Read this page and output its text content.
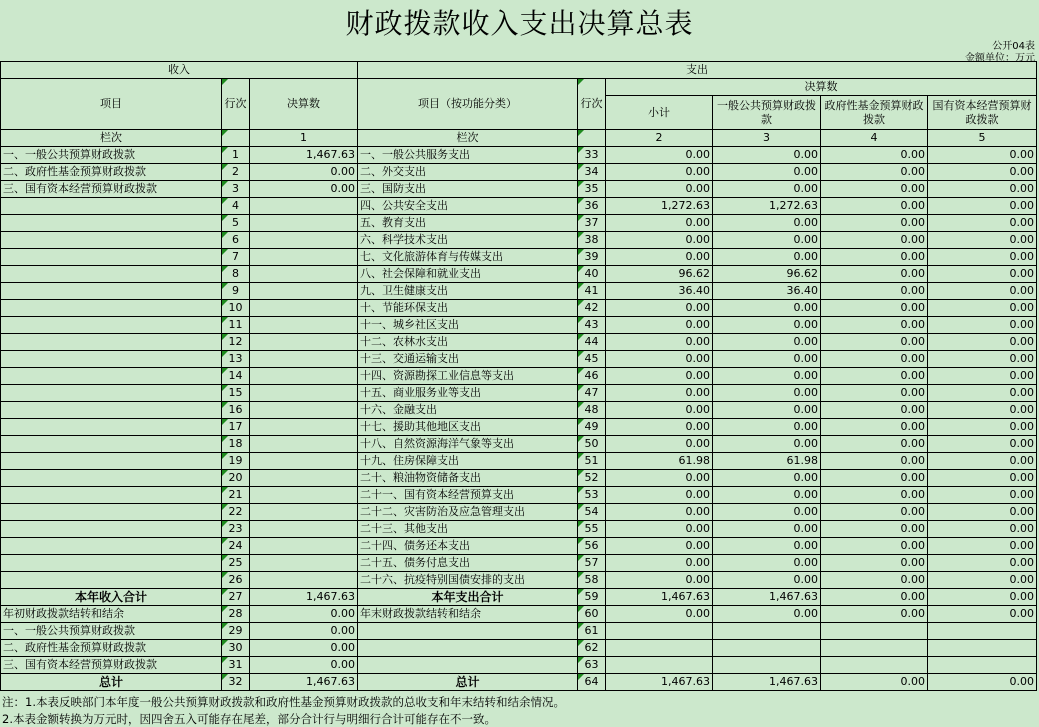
财政拨款收入支出决算总表
公开04表
金额单位：万元
收入			支出					
项目	行次	决算数	项目（按功能分类）	行次	决算数			
					小计	一般公共预算财政拨款	政府性基金预算财政拨款	国有资本经营预算财政拨款
栏次		1	栏次		2	3	4	5
一、一般公共预算财政拨款	1	1,467.63	一、一般公共服务支出	33	0.00	0.00	0.00	0.00
二、政府性基金预算财政拨款	2	0.00	二、外交支出	34	0.00	0.00	0.00	0.00
三、国有资本经营预算财政拨款	3	0.00	三、国防支出	35	0.00	0.00	0.00	0.00
	4		四、公共安全支出	36	1,272.63	1,272.63	0.00	0.00
	5		五、教育支出	37	0.00	0.00	0.00	0.00
	6		六、科学技术支出	38	0.00	0.00	0.00	0.00
	7		七、文化旅游体育与传媒支出	39	0.00	0.00	0.00	0.00
	8		八、社会保障和就业支出	40	96.62	96.62	0.00	0.00
	9		九、卫生健康支出	41	36.40	36.40	0.00	0.00
	10		十、节能环保支出	42	0.00	0.00	0.00	0.00
	11		十一、城乡社区支出	43	0.00	0.00	0.00	0.00
	12		十二、农林水支出	44	0.00	0.00	0.00	0.00
	13		十三、交通运输支出	45	0.00	0.00	0.00	0.00
	14		十四、资源勘探工业信息等支出	46	0.00	0.00	0.00	0.00
	15		十五、商业服务业等支出	47	0.00	0.00	0.00	0.00
	16		十六、金融支出	48	0.00	0.00	0.00	0.00
	17		十七、援助其他地区支出	49	0.00	0.00	0.00	0.00
	18		十八、自然资源海洋气象等支出	50	0.00	0.00	0.00	0.00
	19		十九、住房保障支出	51	61.98	61.98	0.00	0.00
	20		二十、粮油物资储备支出	52	0.00	0.00	0.00	0.00
	21		二十一、国有资本经营预算支出	53	0.00	0.00	0.00	0.00
	22		二十二、灾害防治及应急管理支出	54	0.00	0.00	0.00	0.00
	23		二十三、其他支出	55	0.00	0.00	0.00	0.00
	24		二十四、债务还本支出	56	0.00	0.00	0.00	0.00
	25		二十五、债务付息支出	57	0.00	0.00	0.00	0.00
	26		二十六、抗疫特别国债安排的支出	58	0.00	0.00	0.00	0.00
本年收入合计	27	1,467.63	本年支出合计	59	1,467.63	1,467.63	0.00	0.00
年初财政拨款结转和结余	28	0.00	年末财政拨款结转和结余	60	0.00	0.00	0.00	0.00
一、一般公共预算财政拨款	29	0.00		61				
二、政府性基金预算财政拨款	30	0.00		62				
三、国有资本经营预算财政拨款	31	0.00		63				
总计	32	1,467.63	总计	64	1,467.63	1,467.63	0.00	0.00
注：1.本表反映部门本年度一般公共预算财政拨款和政府性基金预算财政拨款的总收支和年末结转和结余情况。
2.本表金额转换为万元时，因四舍五入可能存在尾差，部分合计行与明细行合计可能存在不一致。
